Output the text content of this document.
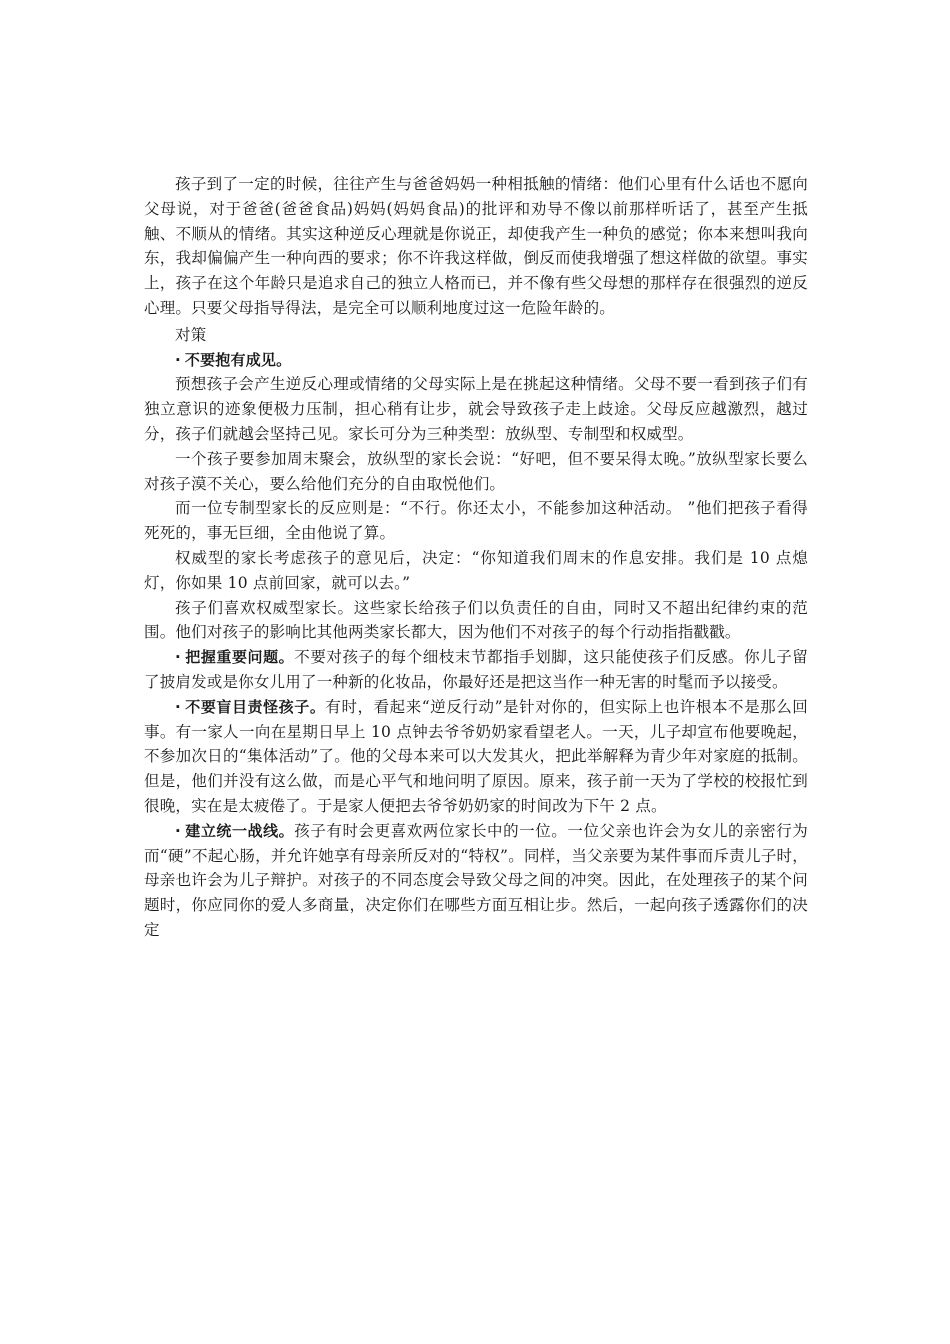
孩子到了一定的时候，往往产生与爸爸妈妈一种相抵触的情绪：他们心里有什么话也不愿向父母说，对于爸爸(爸爸食品)妈妈(妈妈食品)的批评和劝导不像以前那样听话了，甚至产生抵触、不顺从的情绪。其实这种逆反心理就是你说正，却使我产生一种负的感觉；你本来想叫我向东，我却偏偏产生一种向西的要求；你不许我这样做，倒反而使我增强了想这样做的欲望。事实上，孩子在这个年龄只是追求自己的独立人格而已，并不像有些父母想的那样存在很强烈的逆反心理。只要父母指导得法，是完全可以顺利地度过这一危险年龄的。

对策

· 不要抱有成见。

预想孩子会产生逆反心理或情绪的父母实际上是在挑起这种情绪。父母不要一看到孩子们有独立意识的迹象便极力压制，担心稍有让步，就会导致孩子走上歧途。父母反应越激烈，越过分，孩子们就越会坚持己见。家长可分为三种类型：放纵型、专制型和权威型。

一个孩子要参加周末聚会，放纵型的家长会说：“好吧，但不要呆得太晚。”放纵型家长要么对孩子漠不关心，要么给他们充分的自由取悦他们。

而一位专制型家长的反应则是：“不行。你还太小，不能参加这种活动。 ”他们把孩子看得死死的，事无巨细，全由他说了算。

权威型的家长考虑孩子的意见后，决定：“你知道我们周末的作息安排。我们是 10 点熄灯，你如果 10 点前回家，就可以去。”

孩子们喜欢权威型家长。这些家长给孩子们以负责任的自由，同时又不超出纪律约束的范围。他们对孩子的影响比其他两类家长都大，因为他们不对孩子的每个行动指指戳戳。

· 把握重要问题。不要对孩子的每个细枝末节都指手划脚，这只能使孩子们反感。你儿子留了披肩发或是你女儿用了一种新的化妆品，你最好还是把这当作一种无害的时髦而予以接受。

· 不要盲目责怪孩子。有时，看起来“逆反行动”是针对你的，但实际上也许根本不是那么回事。有一家人一向在星期日早上 10 点钟去爷爷奶奶家看望老人。一天，儿子却宣布他要晚起，不参加次日的“集体活动”了。他的父母本来可以大发其火，把此举解释为青少年对家庭的抵制。但是，他们并没有这么做，而是心平气和地问明了原因。原来，孩子前一天为了学校的校报忙到很晚，实在是太疲倦了。于是家人便把去爷爷奶奶家的时间改为下午 2 点。

· 建立统一战线。孩子有时会更喜欢两位家长中的一位。一位父亲也许会为女儿的亲密行为而“硬”不起心肠，并允许她享有母亲所反对的“特权”。同样，当父亲要为某件事而斥责儿子时，母亲也许会为儿子辩护。对孩子的不同态度会导致父母之间的冲突。因此，在处理孩子的某个问题时，你应同你的爱人多商量，决定你们在哪些方面互相让步。然后，一起向孩子透露你们的决定
